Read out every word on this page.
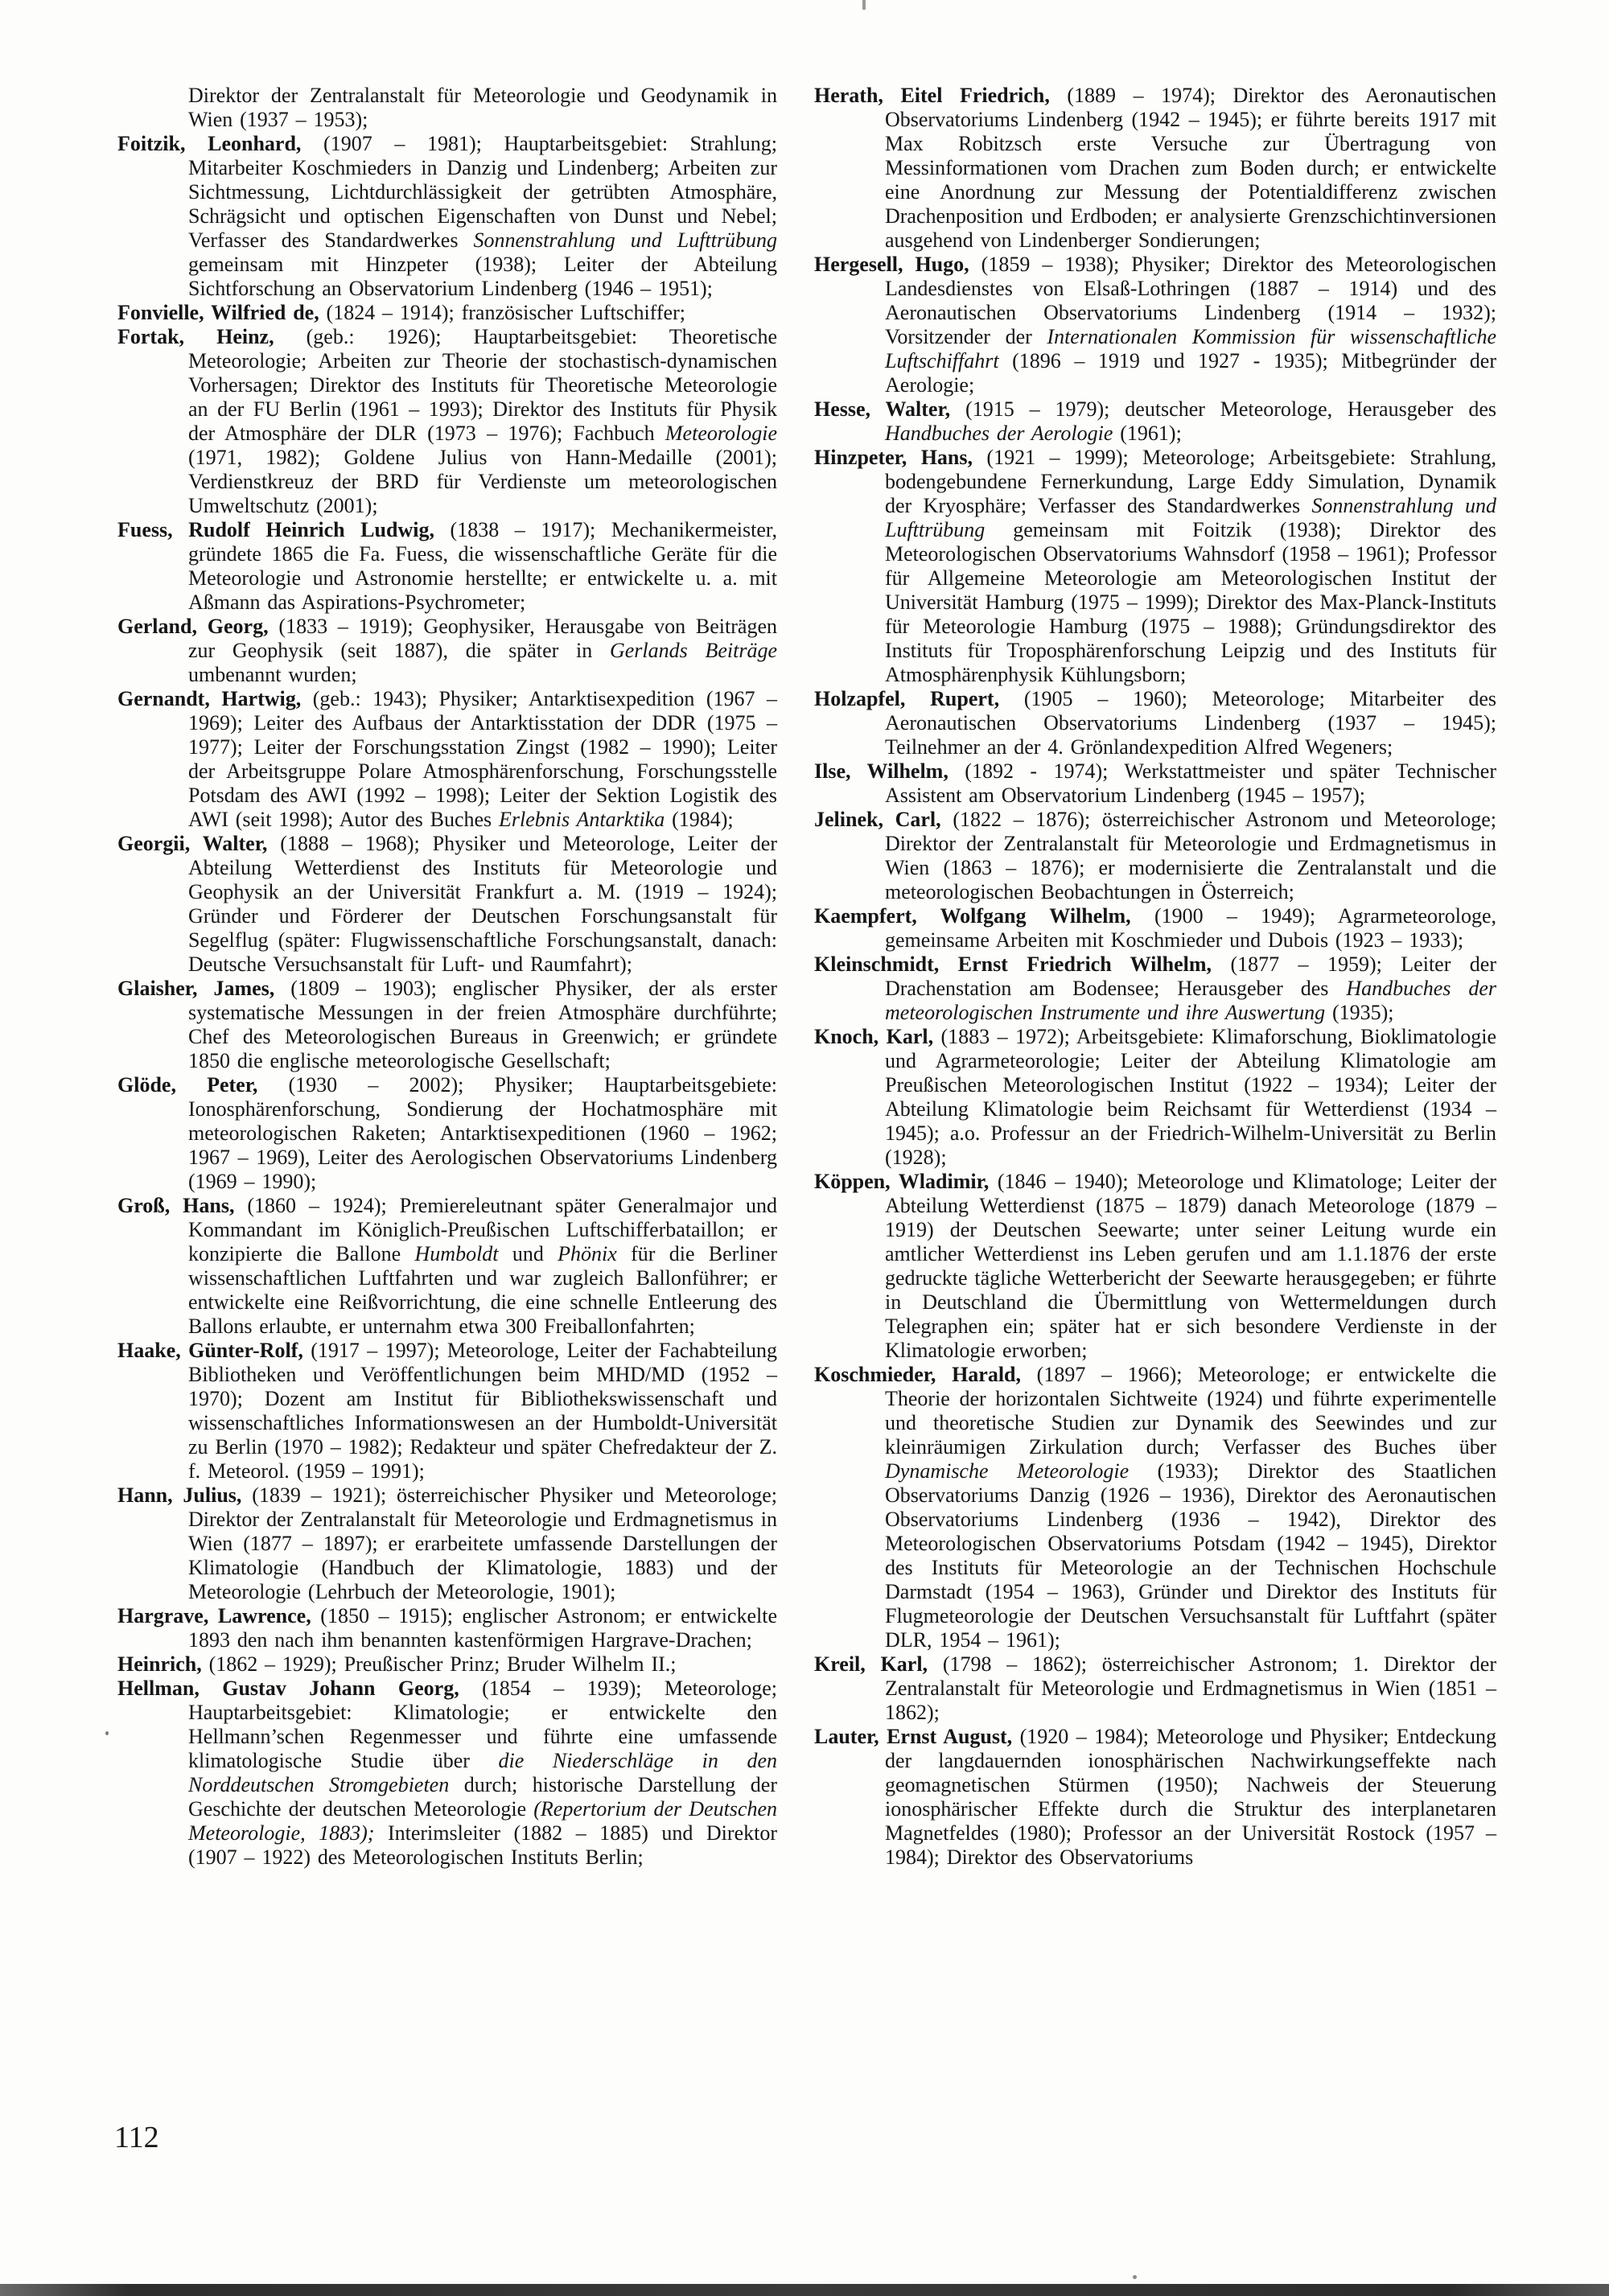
Direktor der Zentralanstalt für Meteorologie und Geodynamik in Wien (1937 – 1953);

Foitzik, Leonhard, (1907 – 1981); Hauptarbeitsgebiet: Strahlung; Mitarbeiter Koschmieders in Danzig und Lindenberg; Arbeiten zur Sichtmessung, Lichtdurchlässigkeit der getrübten Atmosphäre, Schrägsicht und optischen Eigenschaften von Dunst und Nebel; Verfasser des Standardwerkes Sonnenstrahlung und Lufttrübung gemeinsam mit Hinzpeter (1938); Leiter der Abteilung Sichtforschung an Observatorium Lindenberg (1946 – 1951);

Fonvielle, Wilfried de, (1824 – 1914); französischer Luftschiffer;

Fortak, Heinz, (geb.: 1926); Hauptarbeitsgebiet: Theoretische Meteorologie; Arbeiten zur Theorie der stochastisch-dynamischen Vorhersagen; Direktor des Instituts für Theoretische Meteorologie an der FU Berlin (1961 – 1993); Direktor des Instituts für Physik der Atmosphäre der DLR (1973 – 1976); Fachbuch Meteorologie (1971, 1982); Goldene Julius von Hann-Medaille (2001); Verdienstkreuz der BRD für Verdienste um meteorologischen Umweltschutz (2001);

Fuess, Rudolf Heinrich Ludwig, (1838 – 1917); Mechanikermeister, gründete 1865 die Fa. Fuess, die wissenschaftliche Geräte für die Meteorologie und Astronomie herstellte; er entwickelte u. a. mit Aßmann das Aspirations-Psychrometer;

Gerland, Georg, (1833 – 1919); Geophysiker, Herausgabe von Beiträgen zur Geophysik (seit 1887), die später in Gerlands Beiträge umbenannt wurden;

Gernandt, Hartwig, (geb.: 1943); Physiker; Antarktisexpedition (1967 – 1969); Leiter des Aufbaus der Antarktisstation der DDR (1975 – 1977); Leiter der Forschungsstation Zingst (1982 – 1990); Leiter der Arbeitsgruppe Polare Atmosphärenforschung, Forschungsstelle Potsdam des AWI (1992 – 1998); Leiter der Sektion Logistik des AWI (seit 1998); Autor des Buches Erlebnis Antarktika (1984);

Georgii, Walter, (1888 – 1968); Physiker und Meteorologe, Leiter der Abteilung Wetterdienst des Instituts für Meteorologie und Geophysik an der Universität Frankfurt a. M. (1919 – 1924); Gründer und Förderer der Deutschen Forschungsanstalt für Segelflug (später: Flugwissenschaftliche Forschungsanstalt, danach: Deutsche Versuchsanstalt für Luft- und Raumfahrt);

Glaisher, James, (1809 – 1903); englischer Physiker, der als erster systematische Messungen in der freien Atmosphäre durchführte; Chef des Meteorologischen Bureaus in Greenwich; er gründete 1850 die englische meteorologische Gesellschaft;

Glöde, Peter, (1930 – 2002); Physiker; Hauptarbeitsgebiete: Ionosphärenforschung, Sondierung der Hochatmosphäre mit meteorologischen Raketen; Antarktisexpeditionen (1960 – 1962; 1967 – 1969), Leiter des Aerologischen Observatoriums Lindenberg (1969 – 1990);

Groß, Hans, (1860 – 1924); Premiereleutnant später Generalmajor und Kommandant im Königlich-Preußischen Luftschifferbataillon; er konzipierte die Ballone Humboldt und Phönix für die Berliner wissenschaftlichen Luftfahrten und war zugleich Ballonführer; er entwickelte eine Reißvorrichtung, die eine schnelle Entleerung des Ballons erlaubte, er unternahm etwa 300 Freiballonfahrten;

Haake, Günter-Rolf, (1917 – 1997); Meteorologe, Leiter der Fachabteilung Bibliotheken und Veröffentlichungen beim MHD/MD (1952 – 1970); Dozent am Institut für Bibliothekswissenschaft und wissenschaftliches Informationswesen an der Humboldt-Universität zu Berlin (1970 – 1982); Redakteur und später Chefredakteur der Z. f. Meteorol. (1959 – 1991);

Hann, Julius, (1839 – 1921); österreichischer Physiker und Meteorologe; Direktor der Zentralanstalt für Meteorologie und Erdmagnetismus in Wien (1877 – 1897); er erarbeitete umfassende Darstellungen der Klimatologie (Handbuch der Klimatologie, 1883) und der Meteorologie (Lehrbuch der Meteorologie, 1901);

Hargrave, Lawrence, (1850 – 1915); englischer Astronom; er entwickelte 1893 den nach ihm benannten kastenförmigen Hargrave-Drachen;

Heinrich, (1862 – 1929); Preußischer Prinz; Bruder Wilhelm II.;

Hellman, Gustav Johann Georg, (1854 – 1939); Meteorologe; Hauptarbeitsgebiet: Klimatologie; er entwickelte den Hellmann’schen Regenmesser und führte eine umfassende klimatologische Studie über die Niederschläge in den Norddeutschen Stromgebieten durch; historische Darstellung der Geschichte der deutschen Meteorologie (Repertorium der Deutschen Meteorologie, 1883); Interimsleiter (1882 – 1885) und Direktor (1907 – 1922) des Meteorologischen Instituts Berlin;

Herath, Eitel Friedrich, (1889 – 1974); Direktor des Aeronautischen Observatoriums Lindenberg (1942 – 1945); er führte bereits 1917 mit Max Robitzsch erste Versuche zur Übertragung von Messinformationen vom Drachen zum Boden durch; er entwickelte eine Anordnung zur Messung der Potentialdifferenz zwischen Drachenposition und Erdboden; er analysierte Grenzschichtinversionen ausgehend von Lindenberger Sondierungen;

Hergesell, Hugo, (1859 – 1938); Physiker; Direktor des Meteorologischen Landesdienstes von Elsaß-Lothringen (1887 – 1914) und des Aeronautischen Observatoriums Lindenberg (1914 – 1932); Vorsitzender der Internationalen Kommission für wissenschaftliche Luftschiffahrt (1896 – 1919 und 1927 - 1935); Mitbegründer der Aerologie;

Hesse, Walter, (1915 – 1979); deutscher Meteorologe, Herausgeber des Handbuches der Aerologie (1961);

Hinzpeter, Hans, (1921 – 1999); Meteorologe; Arbeitsgebiete: Strahlung, bodengebundene Fernerkundung, Large Eddy Simulation, Dynamik der Kryosphäre; Verfasser des Standardwerkes Sonnenstrahlung und Lufttrübung gemeinsam mit Foitzik (1938); Direktor des Meteorologischen Observatoriums Wahnsdorf (1958 – 1961); Professor für Allgemeine Meteorologie am Meteorologischen Institut der Universität Hamburg (1975 – 1999); Direktor des Max-Planck-Instituts für Meteorologie Hamburg (1975 – 1988); Gründungsdirektor des Instituts für Troposphärenforschung Leipzig und des Instituts für Atmosphärenphysik Kühlungsborn;

Holzapfel, Rupert, (1905 – 1960); Meteorologe; Mitarbeiter des Aeronautischen Observatoriums Lindenberg (1937 – 1945); Teilnehmer an der 4. Grönlandexpedition Alfred Wegeners;

Ilse, Wilhelm, (1892 - 1974); Werkstattmeister und später Technischer Assistent am Observatorium Lindenberg (1945 – 1957);

Jelinek, Carl, (1822 – 1876); österreichischer Astronom und Meteorologe; Direktor der Zentralanstalt für Meteorologie und Erdmagnetismus in Wien (1863 – 1876); er modernisierte die Zentralanstalt und die meteorologischen Beobachtungen in Österreich;

Kaempfert, Wolfgang Wilhelm, (1900 – 1949); Agrarmeteorologe, gemeinsame Arbeiten mit Koschmieder und Dubois (1923 – 1933);

Kleinschmidt, Ernst Friedrich Wilhelm, (1877 – 1959); Leiter der Drachenstation am Bodensee; Herausgeber des Handbuches der meteorologischen Instrumente und ihre Auswertung (1935);

Knoch, Karl, (1883 – 1972); Arbeitsgebiete: Klimaforschung, Bioklimatologie und Agrarmeteorologie; Leiter der Abteilung Klimatologie am Preußischen Meteorologischen Institut (1922 – 1934); Leiter der Abteilung Klimatologie beim Reichsamt für Wetterdienst (1934 – 1945); a.o. Professur an der Friedrich-Wilhelm-Universität zu Berlin (1928);

Köppen, Wladimir, (1846 – 1940); Meteorologe und Klimatologe; Leiter der Abteilung Wetterdienst (1875 – 1879) danach Meteorologe (1879 – 1919) der Deutschen Seewarte; unter seiner Leitung wurde ein amtlicher Wetterdienst ins Leben gerufen und am 1.1.1876 der erste gedruckte tägliche Wetterbericht der Seewarte herausgegeben; er führte in Deutschland die Übermittlung von Wettermeldungen durch Telegraphen ein; später hat er sich besondere Verdienste in der Klimatologie erworben;

Koschmieder, Harald, (1897 – 1966); Meteorologe; er entwickelte die Theorie der horizontalen Sichtweite (1924) und führte experimentelle und theoretische Studien zur Dynamik des Seewindes und zur kleinräumigen Zirkulation durch; Verfasser des Buches über Dynamische Meteorologie (1933); Direktor des Staatlichen Observatoriums Danzig (1926 – 1936), Direktor des Aeronautischen Observatoriums Lindenberg (1936 – 1942), Direktor des Meteorologischen Observatoriums Potsdam (1942 – 1945), Direktor des Instituts für Meteorologie an der Technischen Hochschule Darmstadt (1954 – 1963), Gründer und Direktor des Instituts für Flugmeteorologie der Deutschen Versuchsanstalt für Luftfahrt (später DLR, 1954 – 1961);

Kreil, Karl, (1798 – 1862); österreichischer Astronom; 1. Direktor der Zentralanstalt für Meteorologie und Erdmagnetismus in Wien (1851 – 1862);

Lauter, Ernst August, (1920 – 1984); Meteorologe und Physiker; Entdeckung der langdauernden ionosphärischen Nachwirkungseffekte nach geomagnetischen Stürmen (1950); Nachweis der Steuerung ionosphärischer Effekte durch die Struktur des interplanetaren Magnetfeldes (1980); Professor an der Universität Rostock (1957 – 1984); Direktor des Observatoriums

112
